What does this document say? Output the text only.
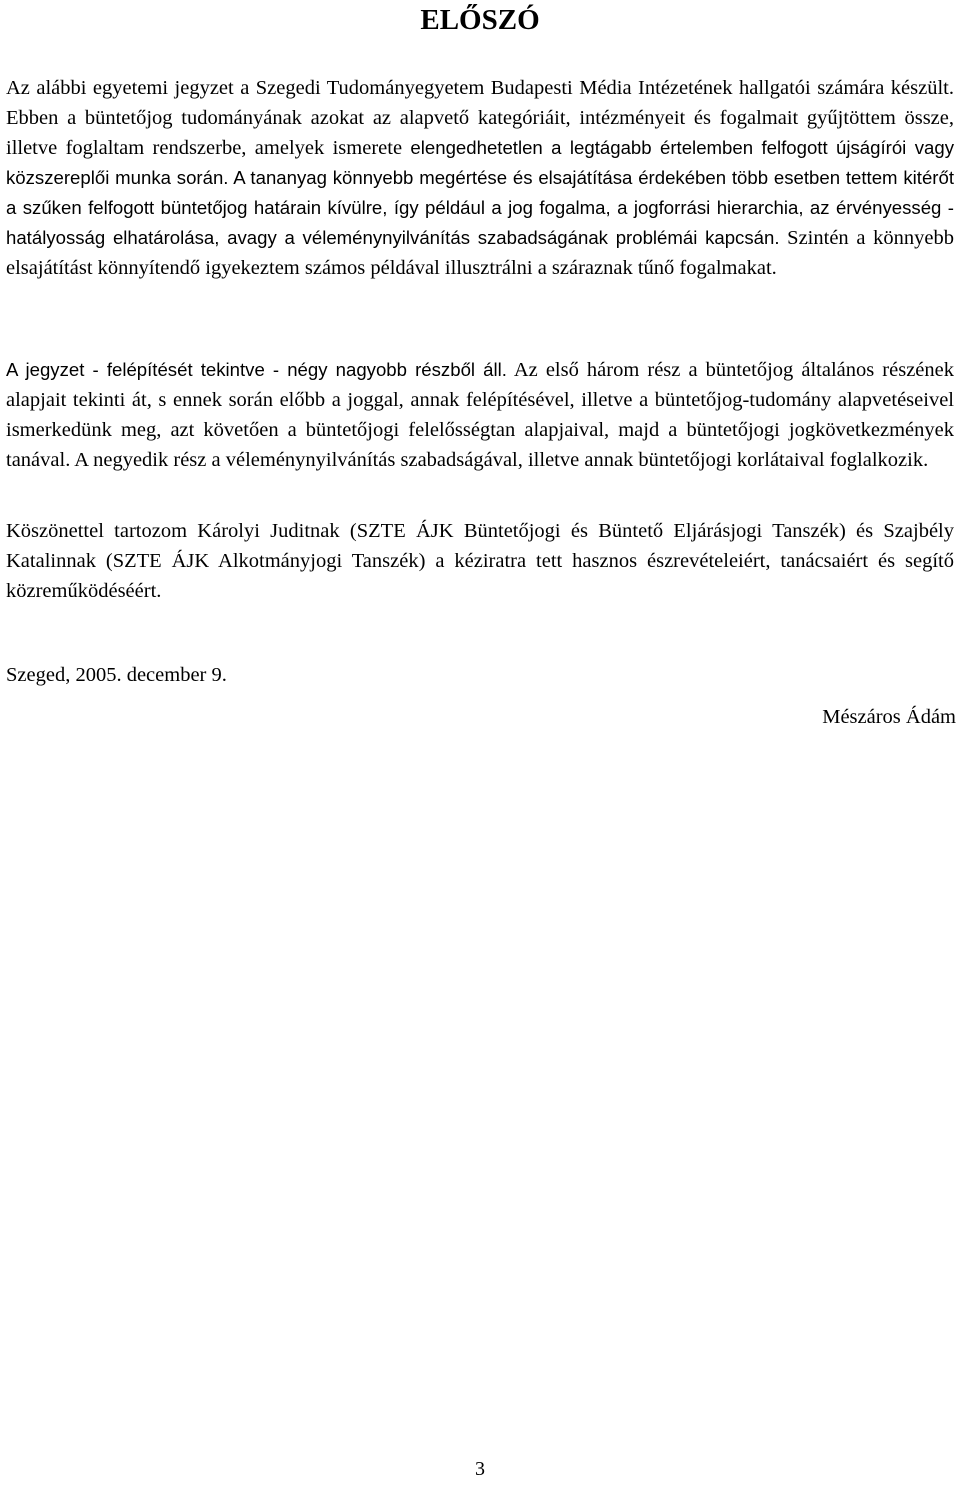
ELŐSZÓ

Az alábbi egyetemi jegyzet a Szegedi Tudományegyetem Budapesti Média Intézetének hallgatói számára készült. Ebben a büntetőjog tudományának azokat az alapvető kategóriáit, intézményeit és fogalmait gyűjtöttem össze, illetve foglaltam rendszerbe, amelyek ismerete elengedhetetlen a legtágabb értelemben felfogott újságírói vagy közszereplői munka során. A tananyag könnyebb megértése és elsajátítása érdekében több esetben tettem kitérőt a szűken felfogott büntetőjog határain kívülre, így például a jog fogalma, a jogforrási hierarchia, az érvényesség - hatályosság elhatárolása, avagy a véleménynyilvánítás szabadságának problémái kapcsán. Szintén a könnyebb elsajátítást könnyítendő igyekeztem számos példával illusztrálni a száraznak tűnő fogalmakat.

A jegyzet - felépítését tekintve - négy nagyobb részből áll. Az első három rész a büntetőjog általános részének alapjait tekinti át, s ennek során előbb a joggal, annak felépítésével, illetve a büntetőjog-tudomány alapvetéseivel ismerkedünk meg, azt követően a büntetőjogi felelősségtan alapjaival, majd a büntetőjogi jogkövetkezmények tanával. A negyedik rész a véleménynyilvánítás szabadságával, illetve annak büntetőjogi korlátaival foglalkozik.

Köszönettel tartozom Károlyi Juditnak (SZTE ÁJK Büntetőjogi és Büntető Eljárásjogi Tanszék) és Szajbély Katalinnak (SZTE ÁJK Alkotmányjogi Tanszék) a kéziratra tett hasznos észrevételeiért, tanácsaiért és segítő közreműködéséért.

Szeged, 2005. december 9.

Mészáros Ádám

3
